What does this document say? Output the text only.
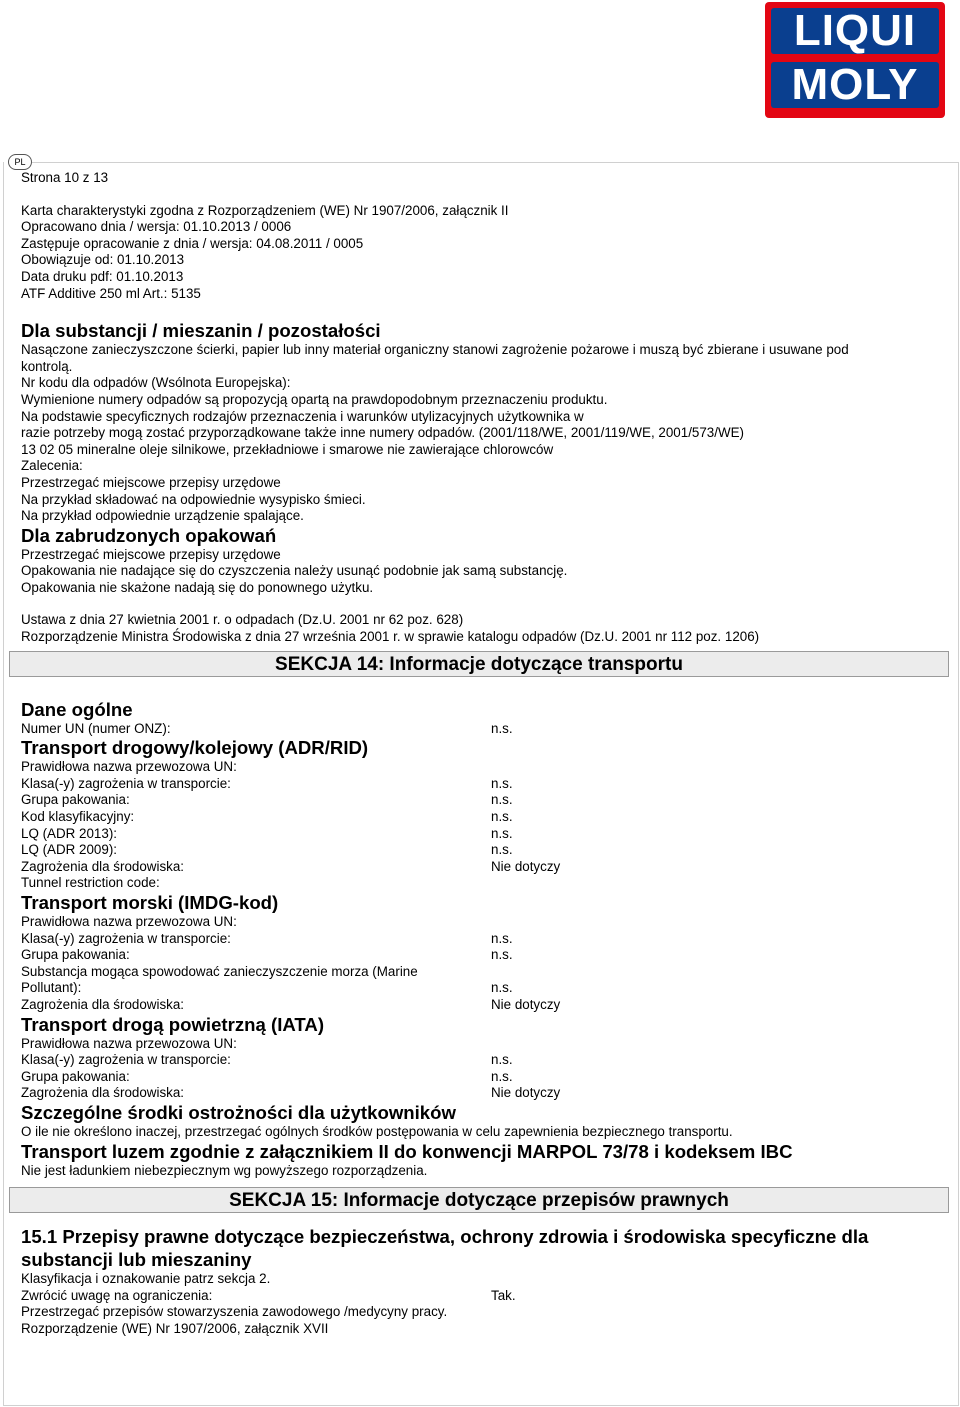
LIQUI
MOLY
PL
Strona 10 z 13
Karta charakterystyki zgodna z Rozporządzeniem (WE) Nr 1907/2006, załącznik II
Opracowano dnia / wersja: 01.10.2013 / 0006
Zastępuje opracowanie z dnia / wersja: 04.08.2011 / 0005
Obowiązuje od: 01.10.2013
Data druku pdf: 01.10.2013
ATF Additive 250 ml Art.: 5135
Dla substancji / mieszanin / pozostałości
Nasączone zanieczyszczone ścierki, papier lub inny materiał organiczny stanowi zagrożenie pożarowe i muszą być zbierane i usuwane pod
kontrolą.
Nr kodu dla odpadów (Wsólnota Europejska):
Wymienione numery odpadów są propozycją opartą na prawdopodobnym przeznaczeniu produktu.
Na podstawie specyficznych rodzajów przeznaczenia i warunków utylizacyjnych użytkownika w
razie potrzeby mogą zostać przyporządkowane także inne numery odpadów. (2001/118/WE, 2001/119/WE, 2001/573/WE)
13 02 05 mineralne oleje silnikowe, przekładniowe i smarowe nie zawierające chlorowców
Zalecenia:
Przestrzegać miejscowe przepisy urzędowe
Na przykład składować na odpowiednie wysypisko śmieci.
Na przykład odpowiednie urządzenie spalające.
Dla zabrudzonych opakowań
Przestrzegać miejscowe przepisy urzędowe
Opakowania nie nadające się do czyszczenia należy usunąć podobnie jak samą substancję.
Opakowania nie skażone nadają się do ponownego użytku.
Ustawa z dnia 27 kwietnia 2001 r. o odpadach (Dz.U. 2001 nr 62 poz. 628)
Rozporządzenie Ministra Środowiska z dnia 27 września 2001 r. w sprawie katalogu odpadów (Dz.U. 2001 nr 112 poz. 1206)
SEKCJA 14: Informacje dotyczące transportu
Dane ogólne
Numer UN (numer ONZ):	n.s.
Transport drogowy/kolejowy (ADR/RID)
Prawidłowa nazwa przewozowa UN:
Klasa(-y) zagrożenia w transporcie:	n.s.
Grupa pakowania:	n.s.
Kod klasyfikacyjny:	n.s.
LQ (ADR 2013):	n.s.
LQ (ADR 2009):	n.s.
Zagrożenia dla środowiska:	Nie dotyczy
Tunnel restriction code:
Transport morski (IMDG-kod)
Prawidłowa nazwa przewozowa UN:
Klasa(-y) zagrożenia w transporcie:	n.s.
Grupa pakowania:	n.s.
Substancja mogąca spowodować zanieczyszczenie morza (Marine
Pollutant):	n.s.
Zagrożenia dla środowiska:	Nie dotyczy
Transport drogą powietrzną (IATA)
Prawidłowa nazwa przewozowa UN:
Klasa(-y) zagrożenia w transporcie:	n.s.
Grupa pakowania:	n.s.
Zagrożenia dla środowiska:	Nie dotyczy
Szczególne środki ostrożności dla użytkowników
O ile nie określono inaczej, przestrzegać ogólnych środków postępowania w celu zapewnienia bezpiecznego transportu.
Transport luzem zgodnie z załącznikiem II do konwencji MARPOL 73/78 i kodeksem IBC
Nie jest ładunkiem niebezpiecznym wg powyższego rozporządzenia.
SEKCJA 15: Informacje dotyczące przepisów prawnych
15.1 Przepisy prawne dotyczące bezpieczeństwa, ochrony zdrowia i środowiska specyficzne dla
substancji lub mieszaniny
Klasyfikacja i oznakowanie patrz sekcja 2.
Zwrócić uwagę na ograniczenia:	Tak.
Przestrzegać przepisów stowarzyszenia zawodowego /medycyny pracy.
Rozporządzenie (WE) Nr 1907/2006, załącznik XVII
